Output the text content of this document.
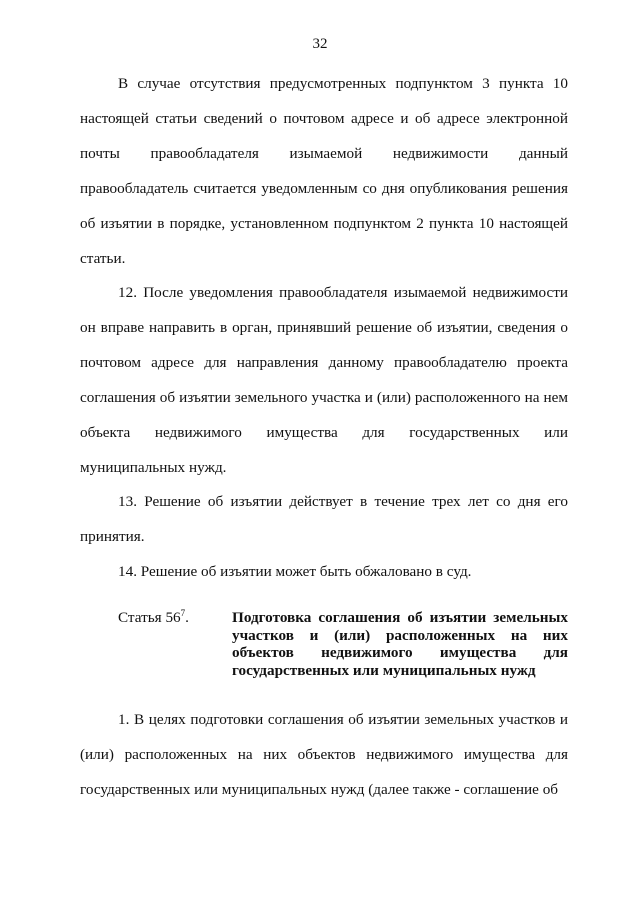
32

В случае отсутствия предусмотренных подпунктом 3 пункта 10 настоящей статьи сведений о почтовом адресе и об адресе электронной почты правообладателя изымаемой недвижимости данный правообладатель считается уведомленным со дня опубликования решения об изъятии в порядке, установленном подпунктом 2 пункта 10 настоящей статьи.

12. После уведомления правообладателя изымаемой недвижимости он вправе направить в орган, принявший решение об изъятии, сведения о почтовом адресе для направления данному правообладателю проекта соглашения об изъятии земельного участка и (или) расположенного на нем объекта недвижимого имущества для государственных или муниципальных нужд.

13. Решение об изъятии действует в течение трех лет со дня его принятия.

14. Решение об изъятии может быть обжаловано в суд.

Статья $56^7$.	Подготовка соглашения об изъятии земельных участков и (или) расположенных на них объектов недвижимого имущества для государственных или муниципальных нужд

1. В целях подготовки соглашения об изъятии земельных участков и (или) расположенных на них объектов недвижимого имущества для государственных или муниципальных нужд (далее также - соглашение об
